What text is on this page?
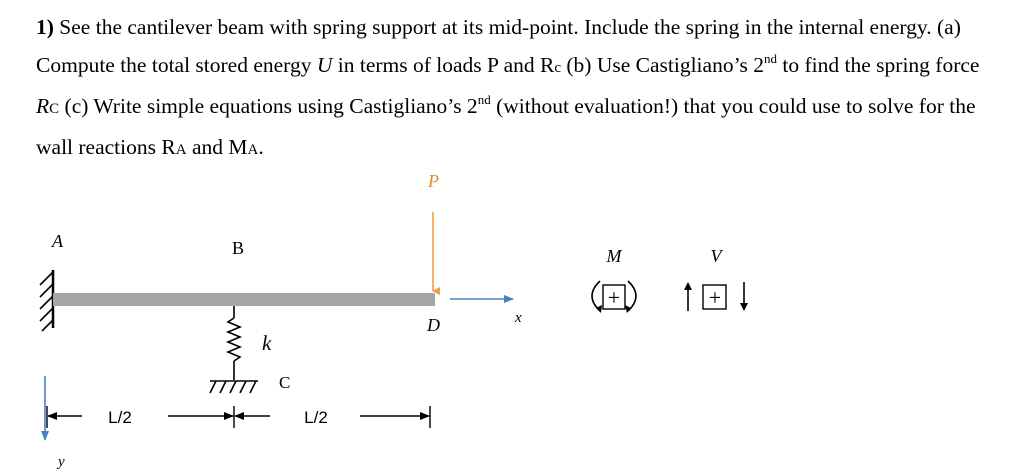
1) See the cantilever beam with spring support at its mid-point. Include the spring in the internal energy. (a) Compute the total stored energy U in terms of loads P and Rc (b) Use Castigliano’s 2nd to find the spring force RC (c) Write simple equations using Castigliano’s 2nd (without evaluation!) that you could use to solve for the wall reactions RA and MA.

A	B
D
P
x
y
k
C
L/2	L/2
M
+
V
+
